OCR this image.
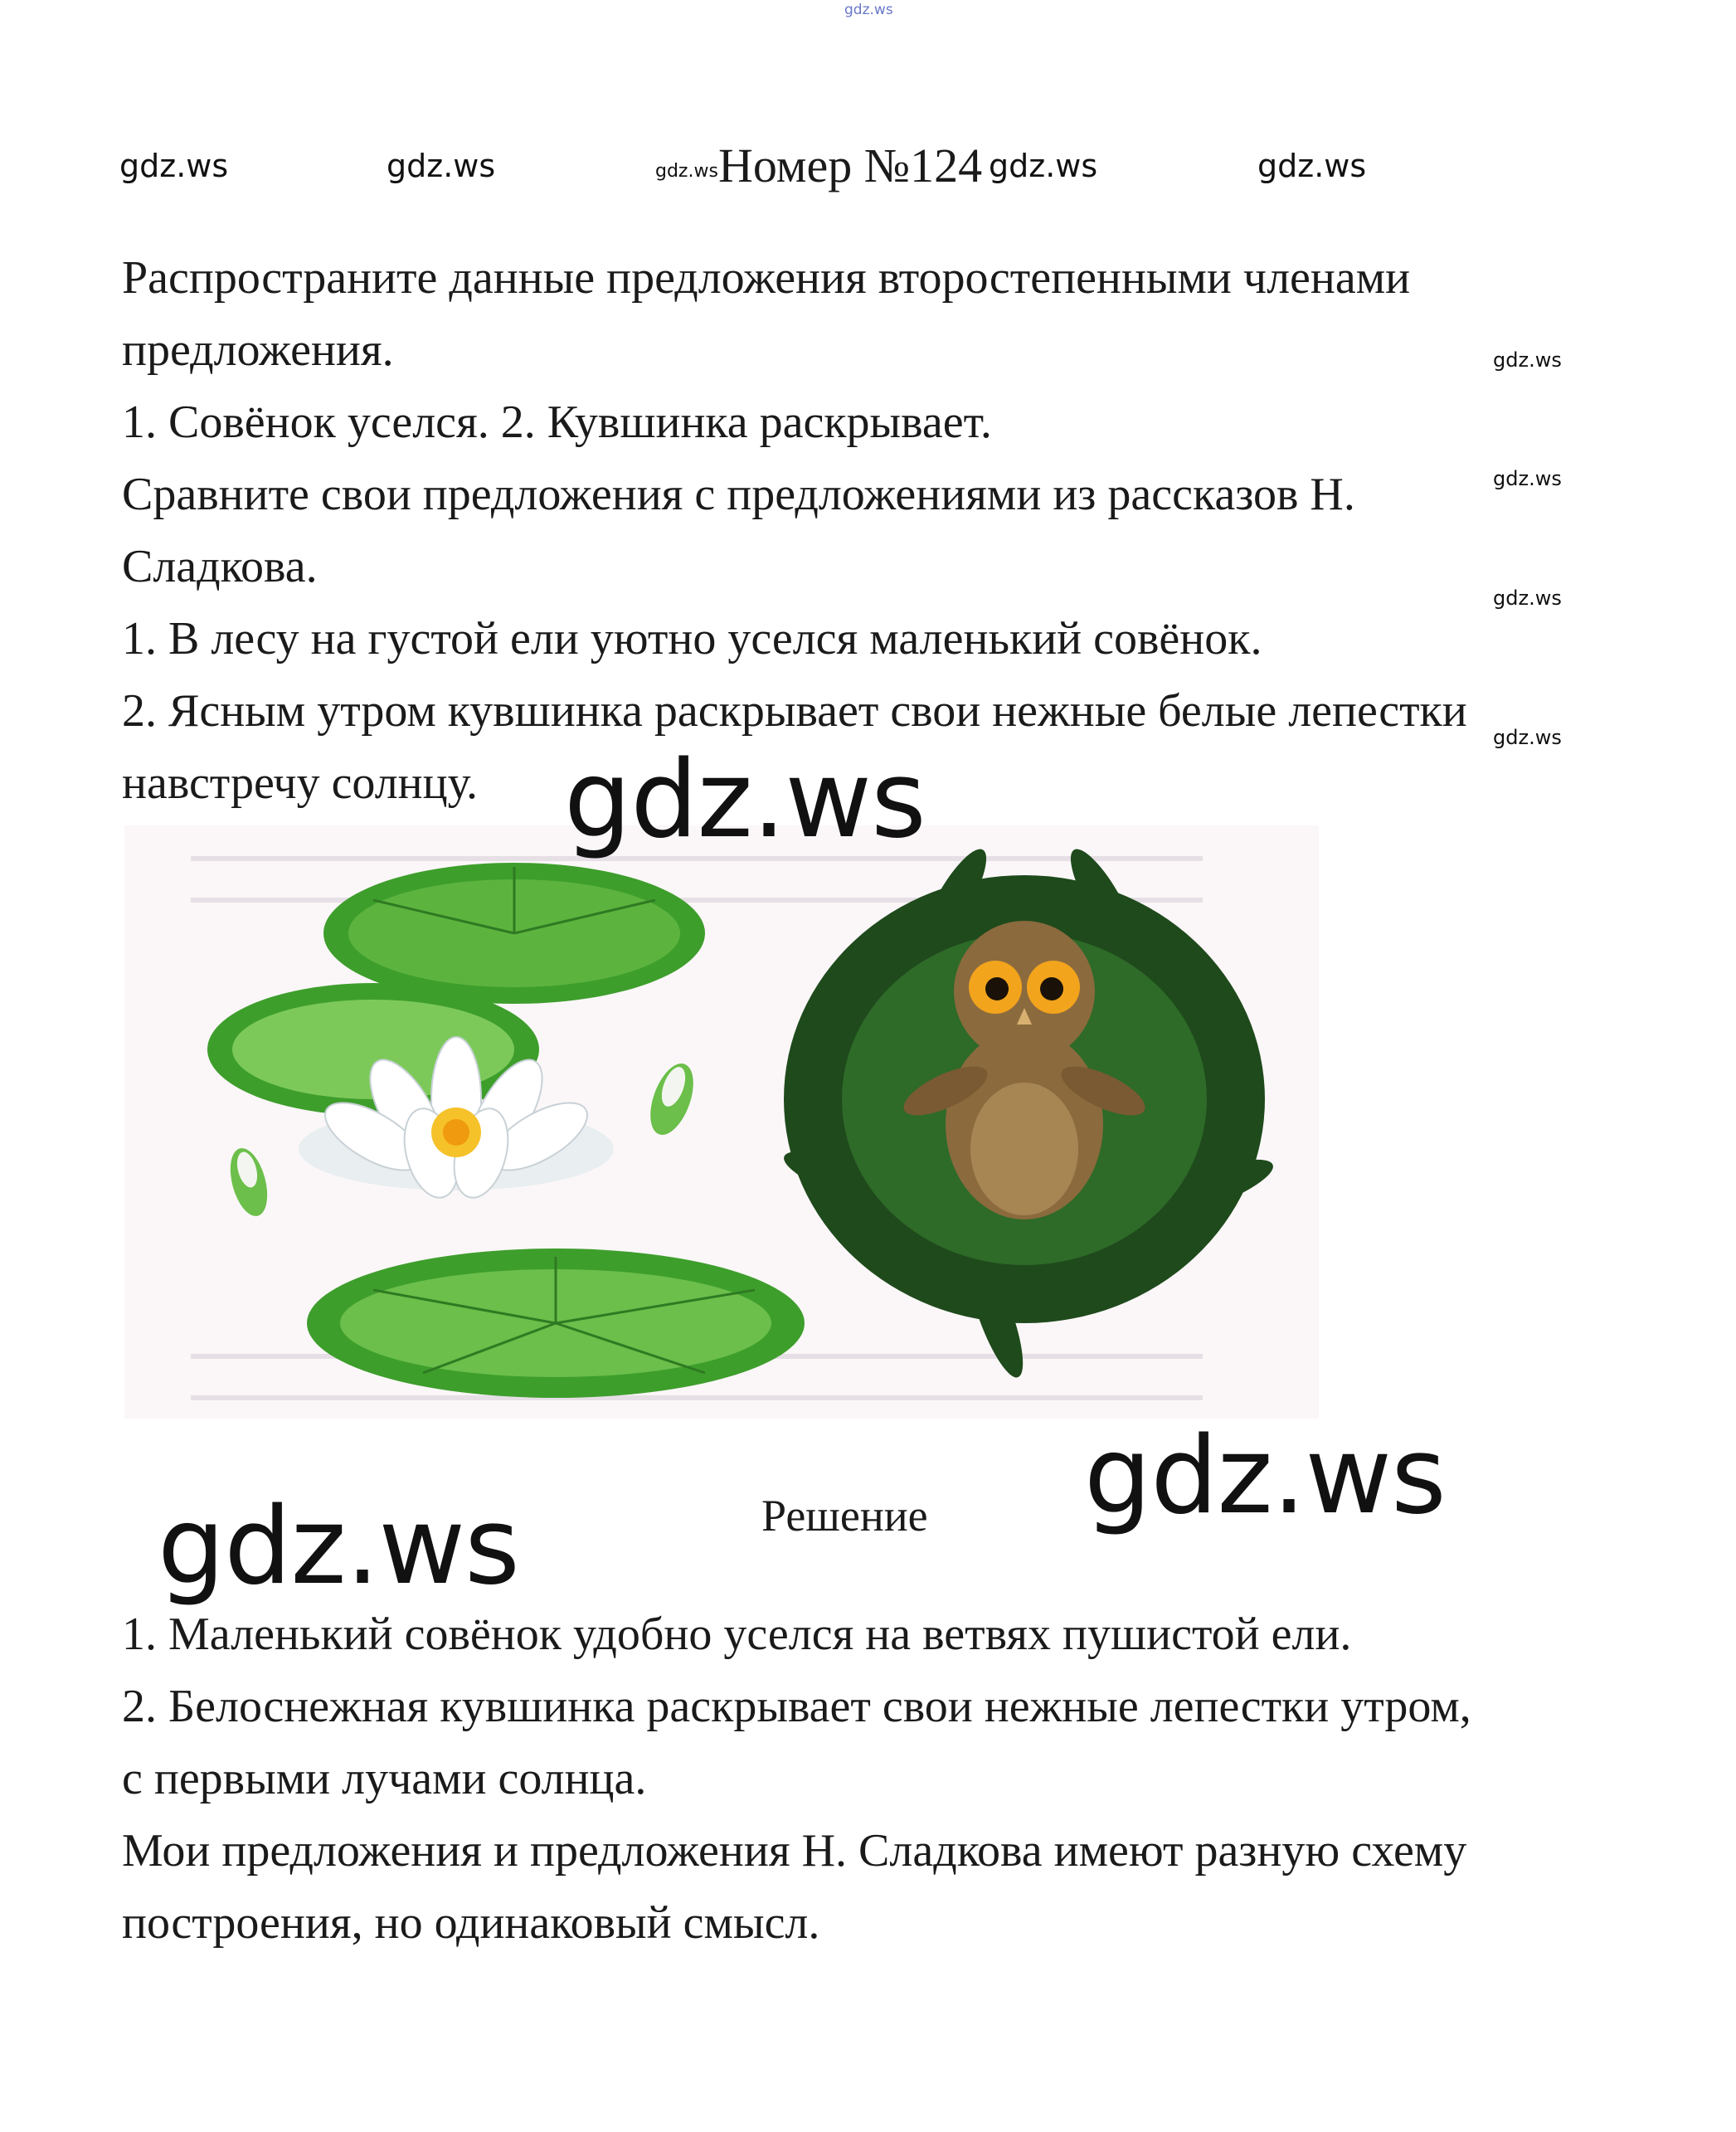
gdz.ws
gdz.ws	gdz.ws	gdz.ws Номер №124 gdz.ws	gdz.ws
Распространите данные предложения второстепенными членами
предложения.
1. Совёнок уселся. 2. Кувшинка раскрывает.
Сравните свои предложения с предложениями из рассказов Н.
Сладкова.
1. В лесу на густой ели уютно уселся маленький совёнок.
2. Ясным утром кувшинка раскрывает свои нежные белые лепестки
навстречу солнцу.
gdz.ws
gdz.ws
gdz.ws
gdz.ws
gdz.ws
gdz.ws
gdz.ws	Решение
1. Маленький совёнок удобно уселся на ветвях пушистой ели.
2. Белоснежная кувшинка раскрывает свои нежные лепестки утром,
с первыми лучами солнца.
Мои предложения и предложения Н. Сладкова имеют разную схему
построения, но одинаковый смысл.
